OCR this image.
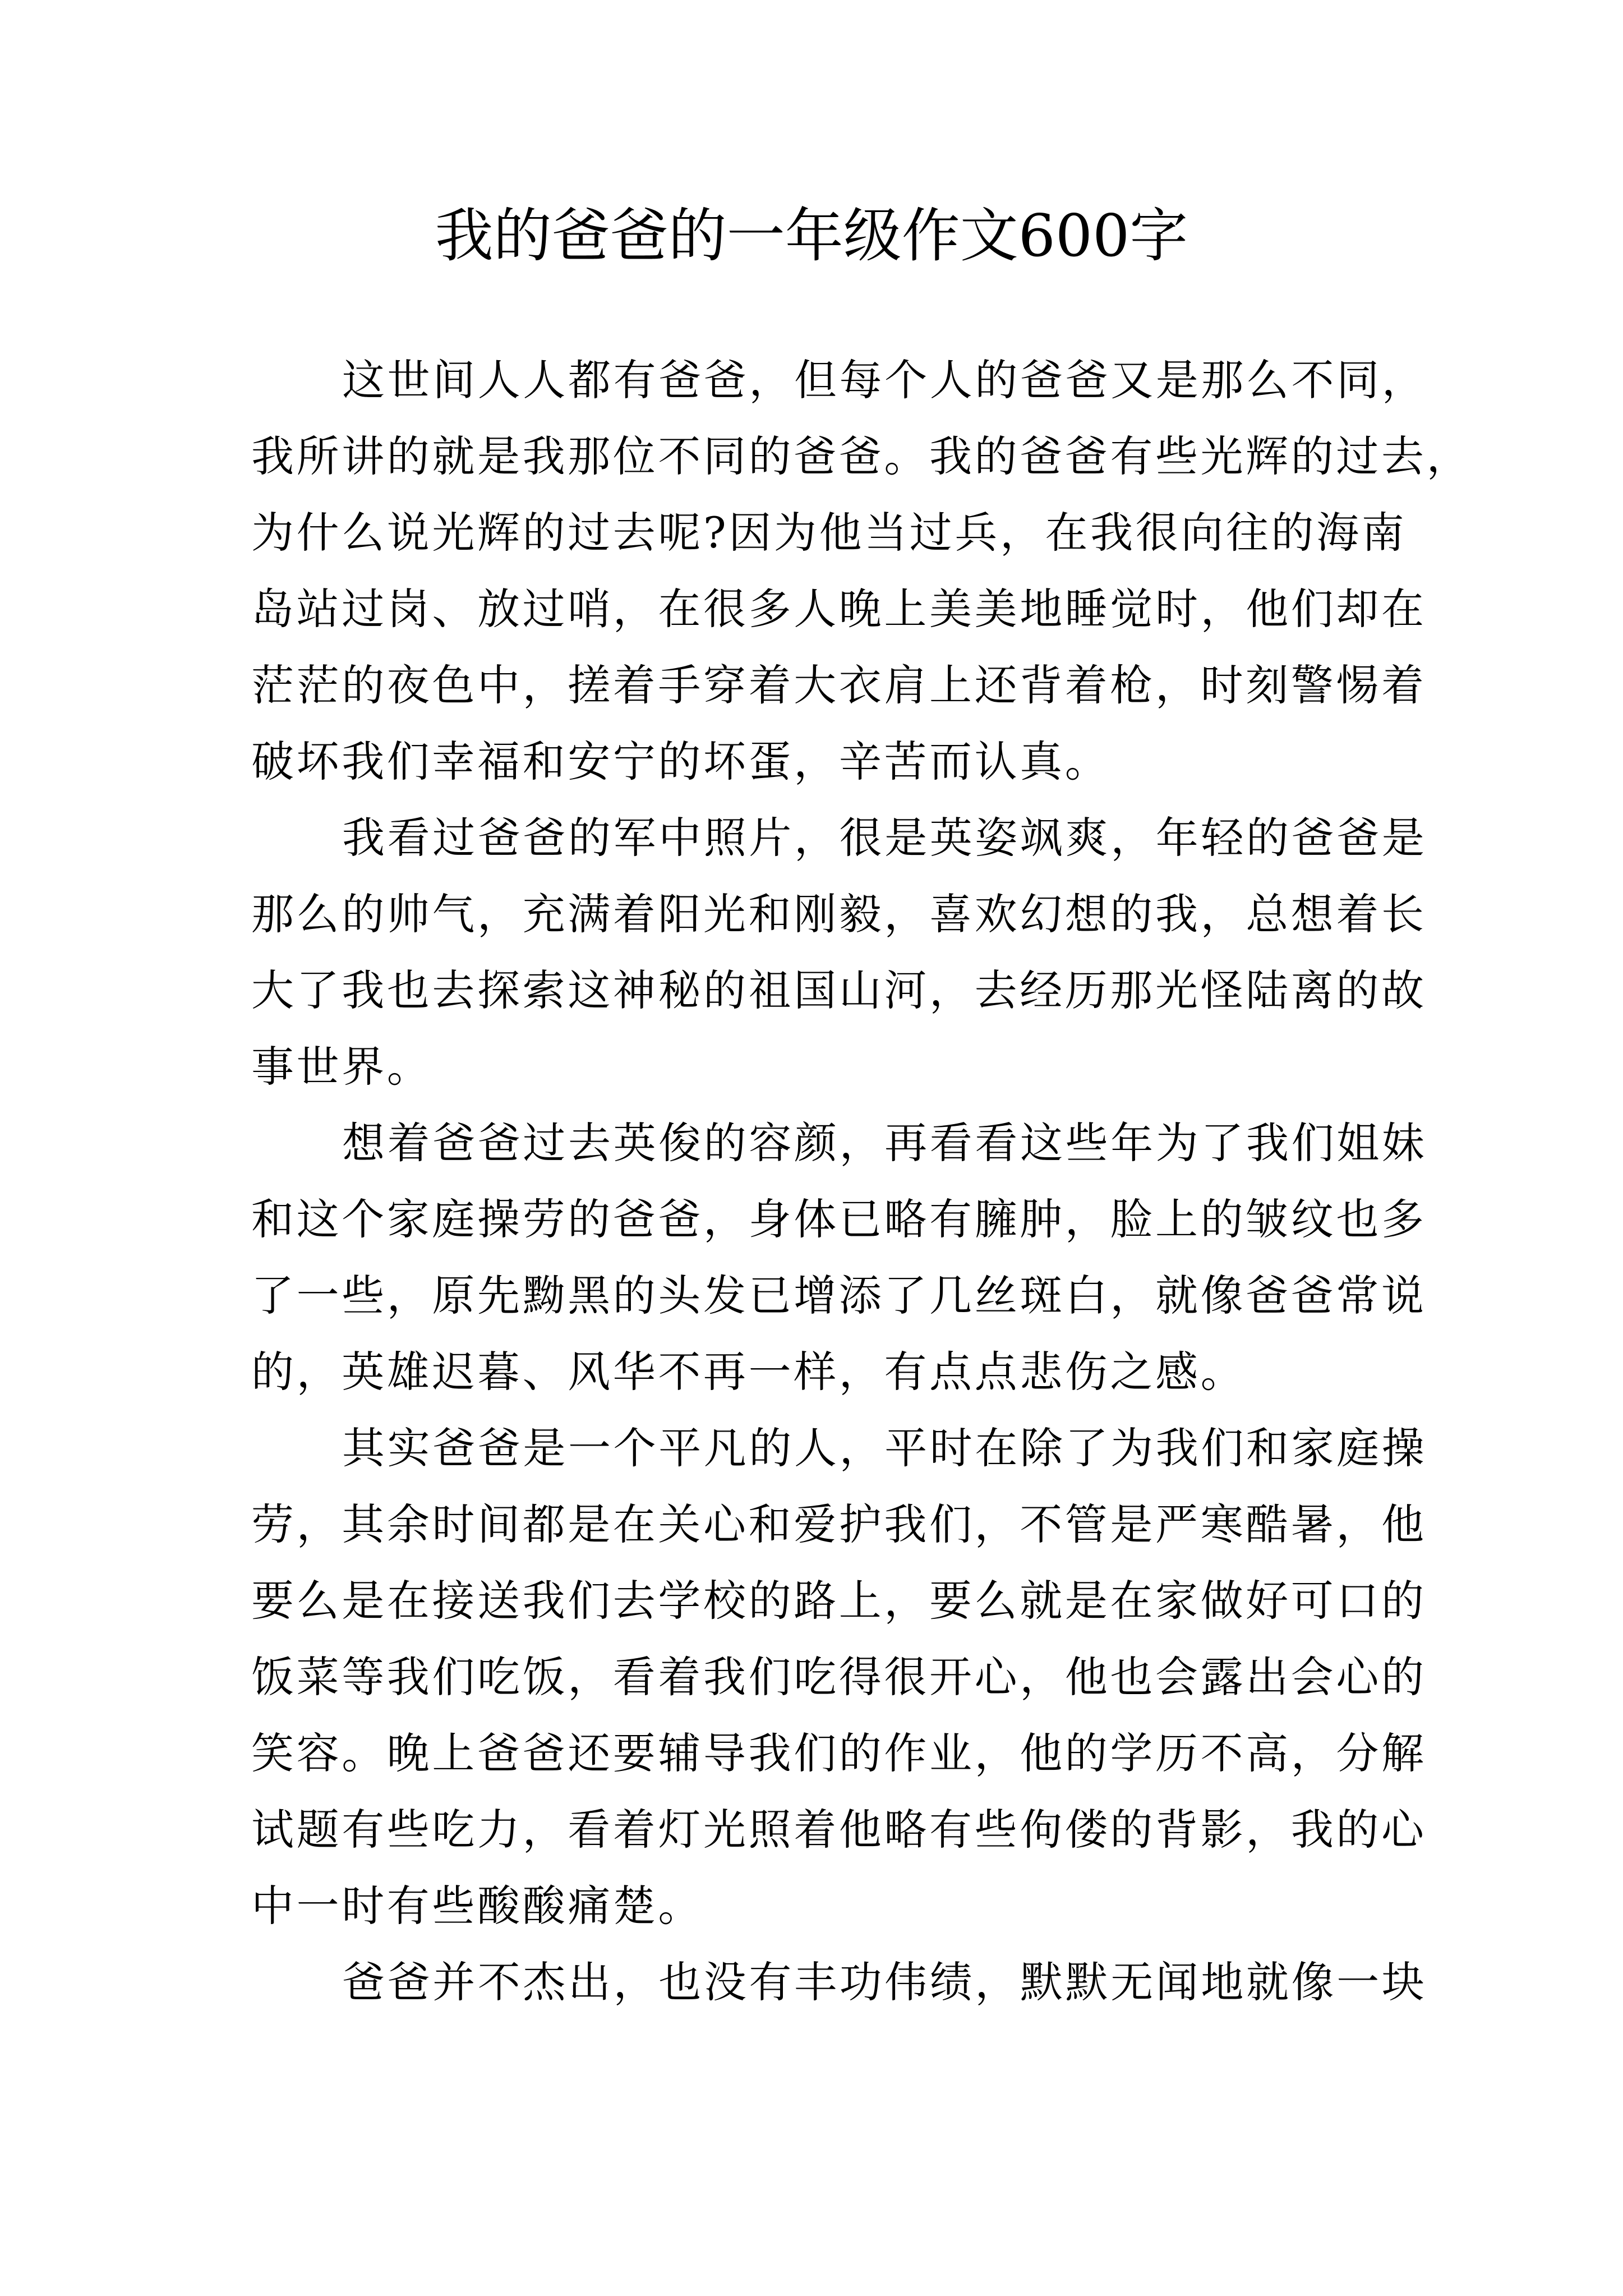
我的爸爸的一年级作文600字
这世间人人都有爸爸，但每个人的爸爸又是那么不同，
我所讲的就是我那位不同的爸爸。我的爸爸有些光辉的过去，
为什么说光辉的过去呢?因为他当过兵，在我很向往的海南
岛站过岗、放过哨，在很多人晚上美美地睡觉时，他们却在
茫茫的夜色中，搓着手穿着大衣肩上还背着枪，时刻警惕着
破坏我们幸福和安宁的坏蛋，辛苦而认真。
我看过爸爸的军中照片，很是英姿飒爽，年轻的爸爸是
那么的帅气，充满着阳光和刚毅，喜欢幻想的我，总想着长
大了我也去探索这神秘的祖国山河，去经历那光怪陆离的故
事世界。
想着爸爸过去英俊的容颜，再看看这些年为了我们姐妹
和这个家庭操劳的爸爸，身体已略有臃肿，脸上的皱纹也多
了一些，原先黝黑的头发已增添了几丝斑白，就像爸爸常说
的，英雄迟暮、风华不再一样，有点点悲伤之感。
其实爸爸是一个平凡的人，平时在除了为我们和家庭操
劳，其余时间都是在关心和爱护我们，不管是严寒酷暑，他
要么是在接送我们去学校的路上，要么就是在家做好可口的
饭菜等我们吃饭，看着我们吃得很开心，他也会露出会心的
笑容。晚上爸爸还要辅导我们的作业，他的学历不高，分解
试题有些吃力，看着灯光照着他略有些佝偻的背影，我的心
中一时有些酸酸痛楚。
爸爸并不杰出，也没有丰功伟绩，默默无闻地就像一块
